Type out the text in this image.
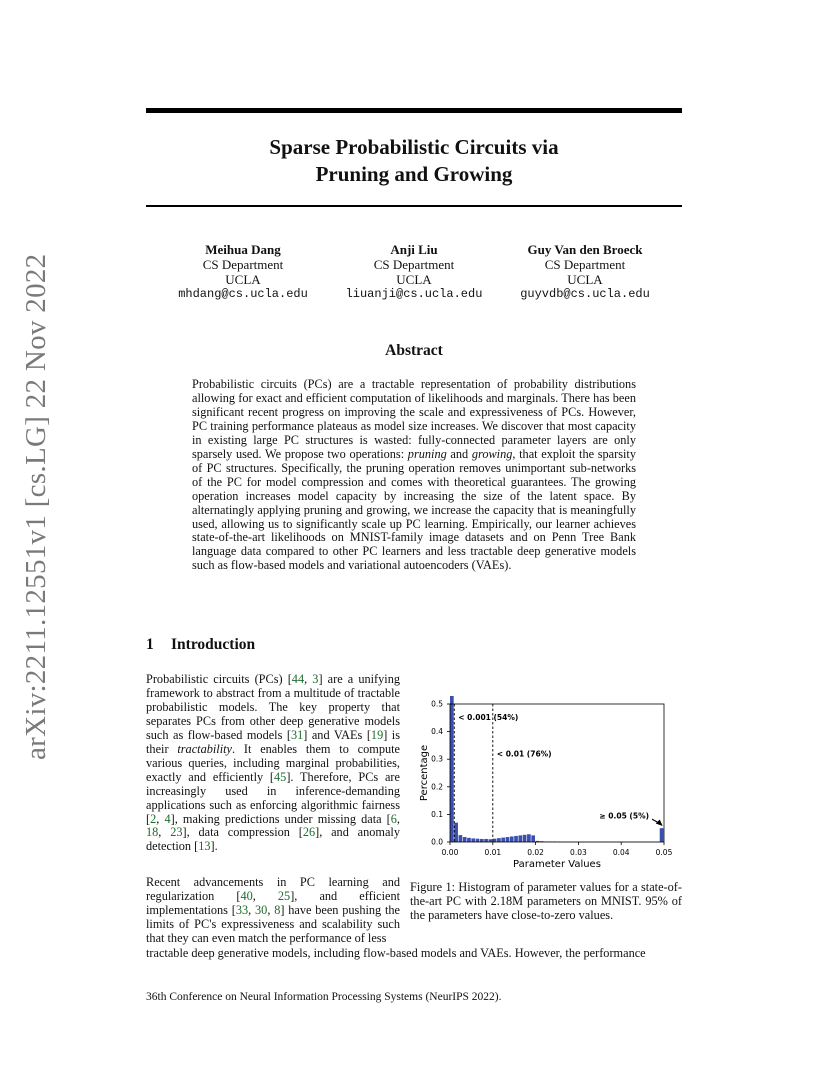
arXiv:2211.12551v1 [cs.LG] 22 Nov 2022
Sparse Probabilistic Circuits via
Pruning and Growing
Meihua Dang
CS Department
UCLA
mhdang@cs.ucla.edu
Anji Liu
CS Department
UCLA
liuanji@cs.ucla.edu
Guy Van den Broeck
CS Department
UCLA
guyvdb@cs.ucla.edu
Abstract

Probabilistic circuits (PCs) are a tractable representation of probability distributions allowing for exact and efficient computation of likelihoods and marginals. There has been significant recent progress on improving the scale and expressiveness of PCs. However, PC training performance plateaus as model size increases. We discover that most capacity in existing large PC structures is wasted: fully-connected parameter layers are only sparsely used. We propose two operations: pruning and growing, that exploit the sparsity of PC structures. Specifically, the pruning operation removes unimportant sub-networks of the PC for model compression and comes with theoretical guarantees. The growing operation increases model capacity by increasing the size of the latent space. By alternatingly applying pruning and growing, we increase the capacity that is meaningfully used, allowing us to significantly scale up PC learning. Empirically, our learner achieves state-of-the-art likelihoods on MNIST-family image datasets and on Penn Tree Bank language data compared to other PC learners and less tractable deep generative models such as flow-based models and variational autoencoders (VAEs).

1 Introduction

Probabilistic circuits (PCs) [44, 3] are a unifying framework to abstract from a multitude of tractable probabilistic models. The key property that separates PCs from other deep generative models such as flow-based models [31] and VAEs [19] is their tractability. It enables them to compute various queries, including marginal probabilities, exactly and efficiently [45]. Therefore, PCs are increasingly used in inference-demanding applications such as enforcing algorithmic fairness [2, 4], making predictions under missing data [6, 18, 23], data compression [26], and anomaly detection [13].

Recent advancements in PC learning and regularization [40, 25], and efficient implementations [33, 30, 8] have been pushing the limits of PC's expressiveness and scalability such that they can even match the performance of less

tractable deep generative models, including flow-based models and VAEs. However, the performance
0.00	0.01	0.02	0.03	0.04	0.05
0.0
0.1
0.2
0.3
0.4
0.5
Parameter Values
Percentage
< 0.001 (54%)
< 0.01 (76%)
≥ 0.05 (5%)

Figure 1: Histogram of parameter values for a state-of-the-art PC with 2.18M parameters on MNIST. 95% of the parameters have close-to-zero values.

36th Conference on Neural Information Processing Systems (NeurIPS 2022).
